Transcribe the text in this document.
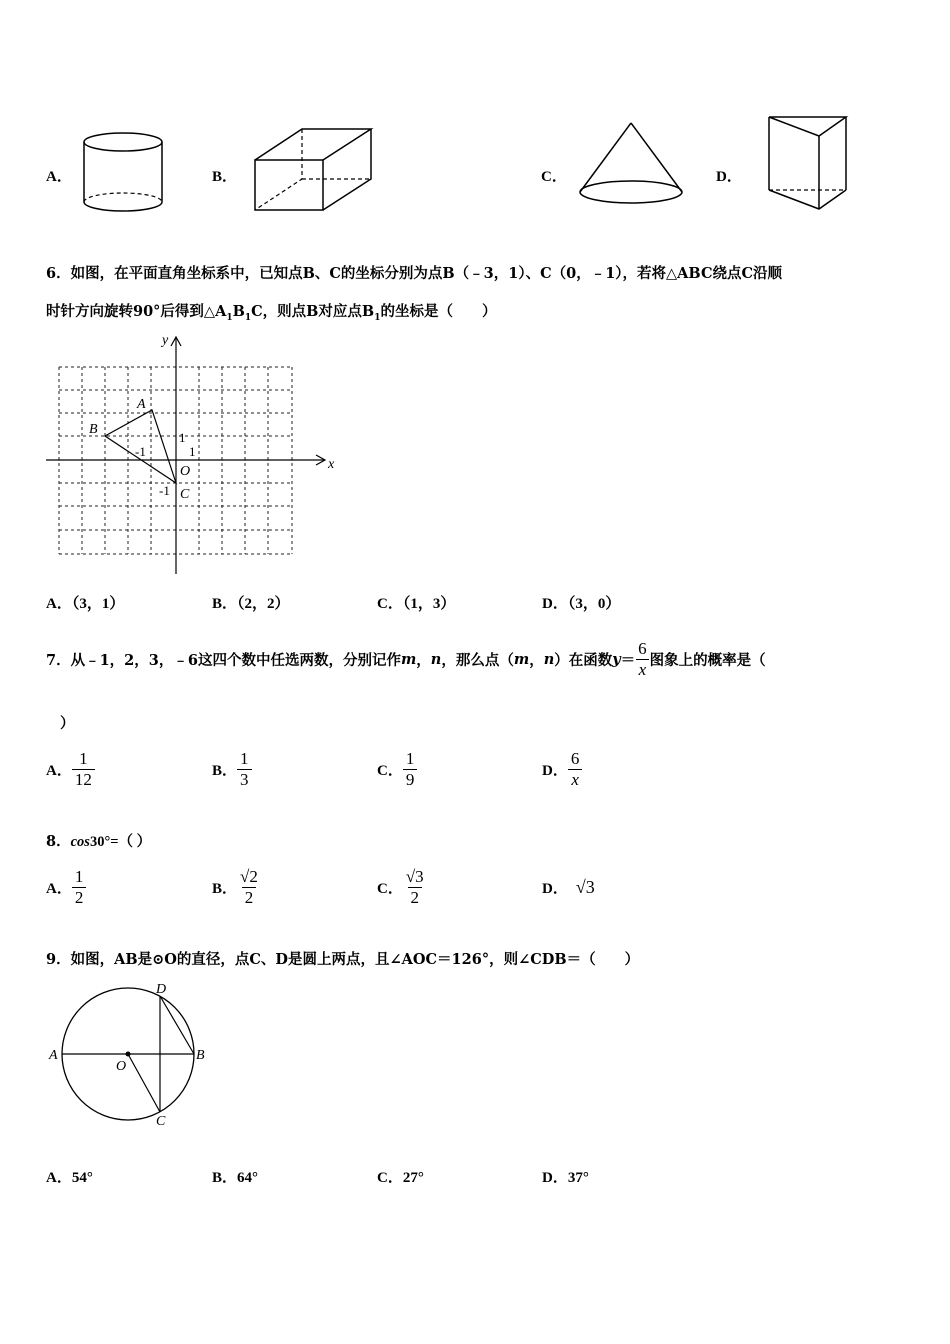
A．	B．	C．	D．
6．如图，在平面直角坐标系中，已知点B、C的坐标分别为点B（﹣3，1）、C（0，﹣1），若将△ABC绕点C沿顺
时针方向旋转90°后得到$\triangle A_1B_1C$，则点B对应点$B_1$的坐标是（　　）
x
y
A
B
C
O
-1	1
1
-1
A．（3，1）	B．（2，2）	C．（1，3）	D．（3，0）
7．从﹣1，2，3，﹣6这四个数中任选两数，分别记作 m ， n ，那么点（ m ， n ）在函数 $y = \frac{6}{x}$ 图象上的概率是（
）
A． $\frac{1}{12}$	B． $\frac{1}{3}$	C． $\frac{1}{9}$	D． $\frac{6}{x}$
8．cos30°=（ ）
A． $\frac{1}{2}$	B． $\frac{√2}{2}$	C． $\frac{√3}{2}$	D． √3
9．如图，AB是⊙O的直径，点C、D是圆上两点，且∠AOC＝126°，则∠CDB＝（　　）
A	B
C
D
O
A．54°	B．64°	C．27°	D．37°
